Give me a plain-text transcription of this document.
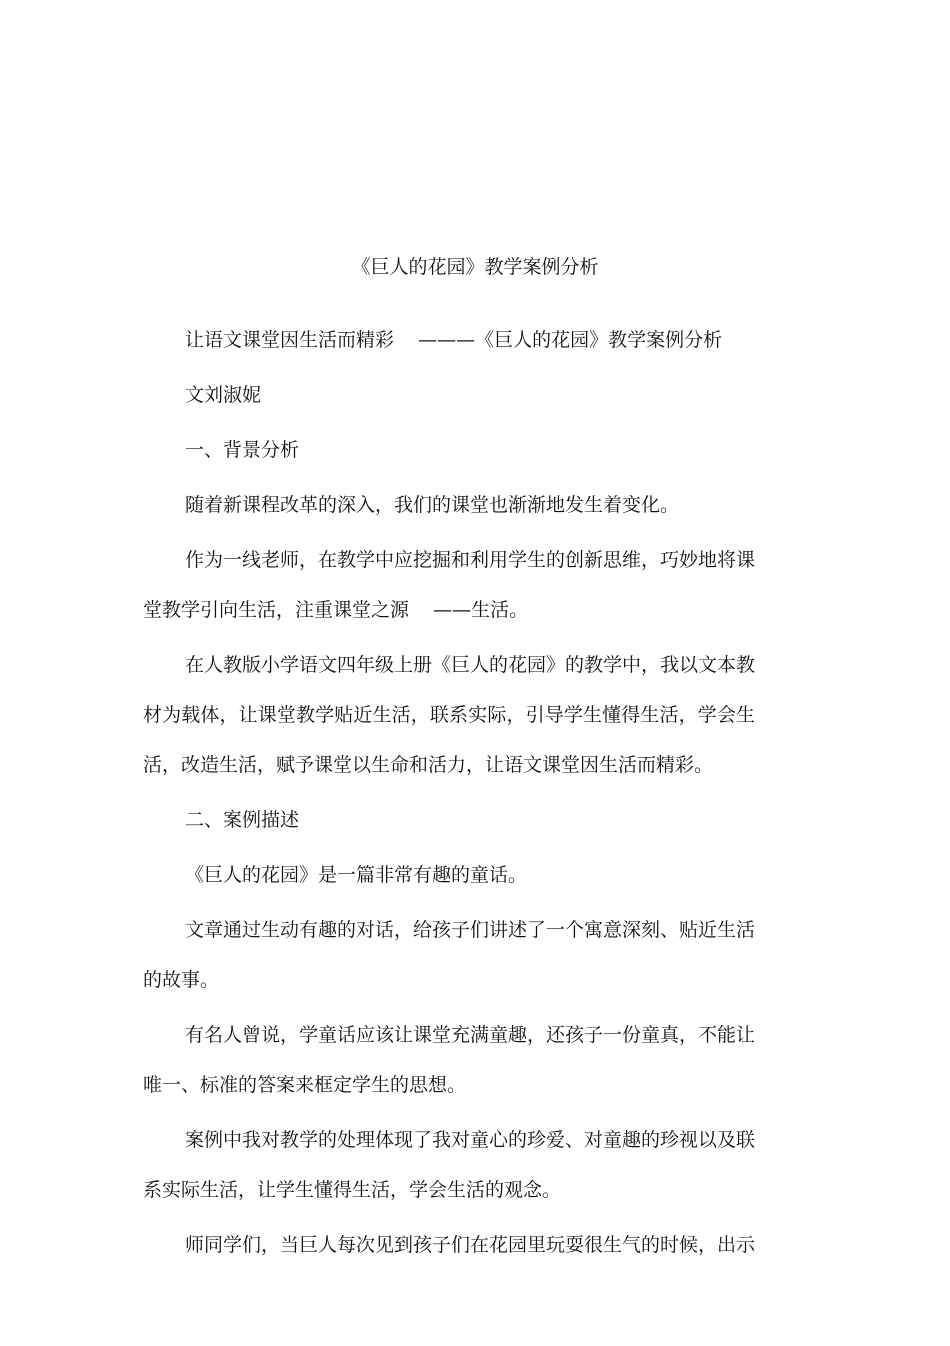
《巨人的花园》教学案例分析

让语文课堂因生活而精彩    ———《巨人的花园》教学案例分析

文刘淑妮

一、背景分析

随着新课程改革的深入，我们的课堂也渐渐地发生着变化。

作为一线老师，在教学中应挖掘和利用学生的创新思维，巧妙地将课堂教学引向生活，注重课堂之源    ——生活。

在人教版小学语文四年级上册《巨人的花园》的教学中，我以文本教材为载体，让课堂教学贴近生活，联系实际，引导学生懂得生活，学会生活，改造生活，赋予课堂以生命和活力，让语文课堂因生活而精彩。

二、案例描述

《巨人的花园》是一篇非常有趣的童话。

文章通过生动有趣的对话，给孩子们讲述了一个寓意深刻、贴近生活的故事。

有名人曾说，学童话应该让课堂充满童趣，还孩子一份童真，不能让唯一、标准的答案来框定学生的思想。

案例中我对教学的处理体现了我对童心的珍爱、对童趣的珍视以及联系实际生活，让学生懂得生活，学会生活的观念。

师同学们，当巨人每次见到孩子们在花园里玩耍很生气的时候，出示
